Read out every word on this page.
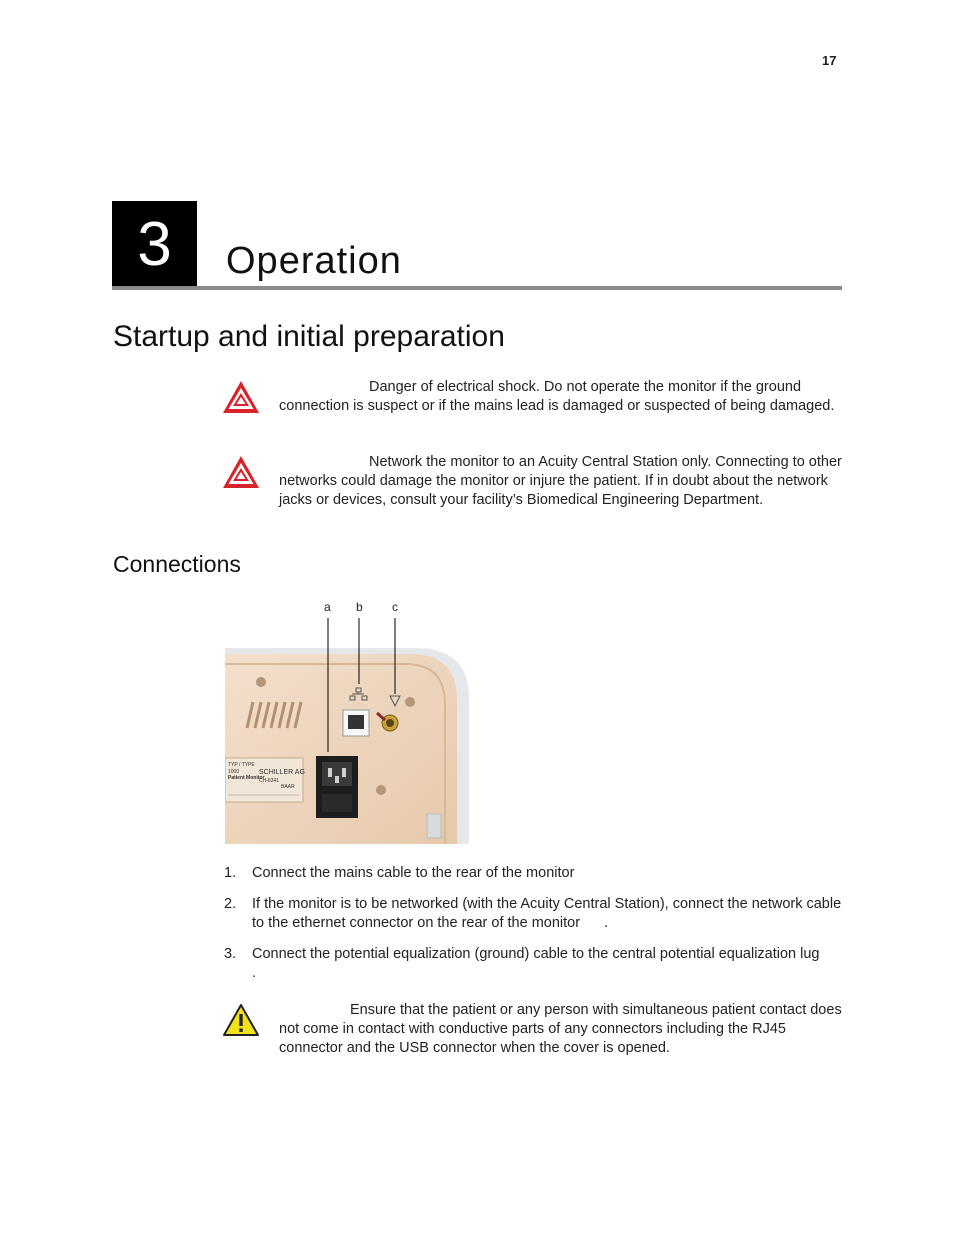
17
3	Operation
Startup and initial preparation
Danger of electrical shock. Do not operate the monitor if the ground connection is suspect or if the mains lead is damaged or suspected of being damaged.
Network the monitor to an Acuity Central Station only. Connecting to other networks could damage the monitor or injure the patient. If in doubt about the network jacks or devices, consult your facility’s Biomedical Engineering Department.
Connections
a b c
TYP / TYPE
1000
Patient Monitor
SCHILLER AG
CH-6341
BAAR
1. Connect the mains cable to the rear of the monitor
2. If the monitor is to be networked (with the Acuity Central Station), connect the network cable to the ethernet connector on the rear of the monitor .
3. Connect the potential equalization (ground) cable to the central potential equalization lug.
Ensure that the patient or any person with simultaneous patient contact does not come in contact with conductive parts of any connectors including the RJ45 connector and the USB connector when the cover is opened.
